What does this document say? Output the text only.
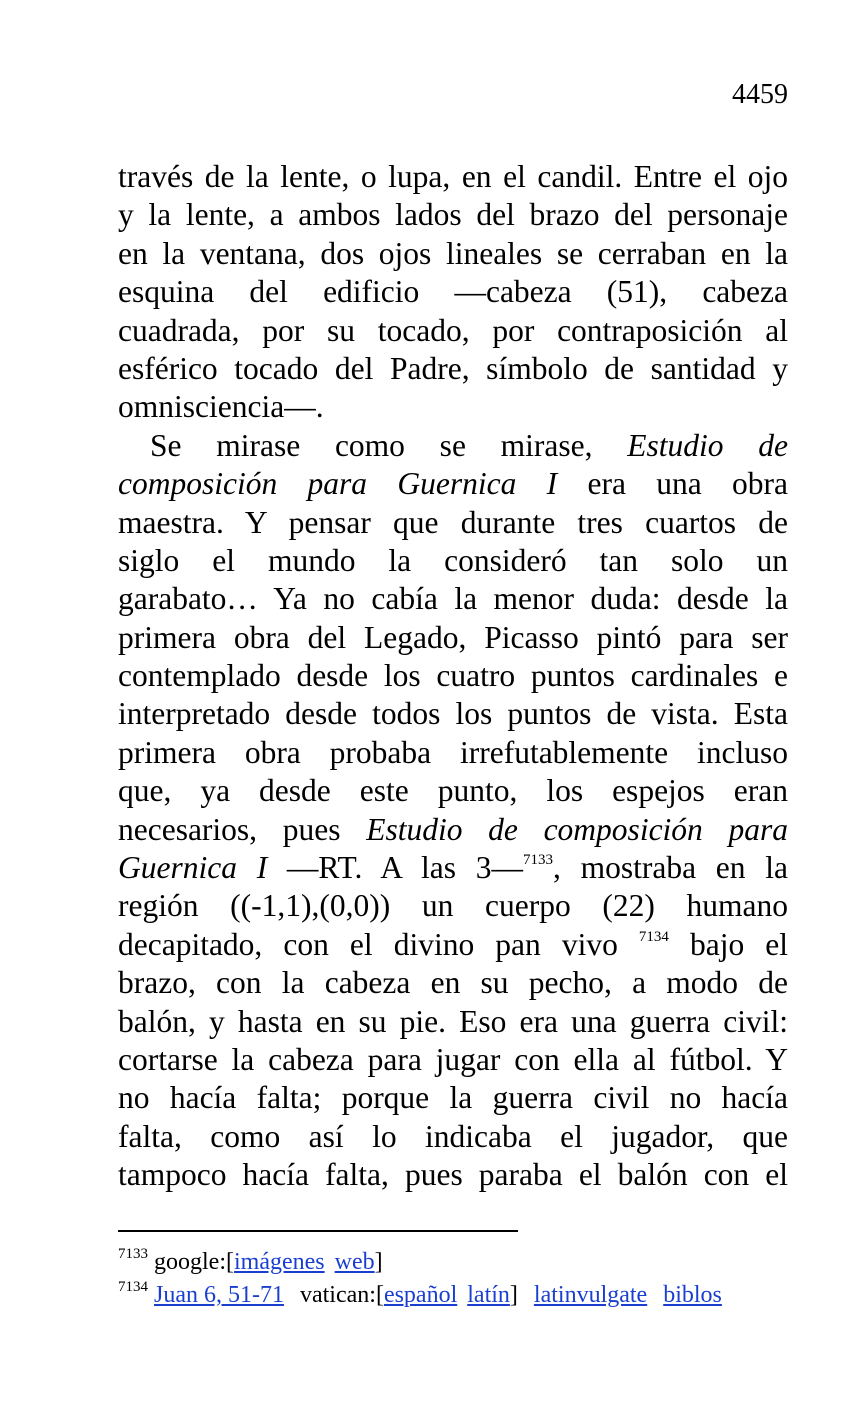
4459
través de la lente, o lupa, en el candil. Entre el ojo
y la lente, a ambos lados del brazo del personaje
en la ventana, dos ojos lineales se cerraban en la
esquina del edificio —cabeza (51), cabeza
cuadrada, por su tocado, por contraposición al
esférico tocado del Padre, símbolo de santidad y
omnisciencia—.
Se mirase como se mirase, Estudio de
composición para Guernica I era una obra
maestra. Y pensar que durante tres cuartos de
siglo el mundo la consideró tan solo un
garabato… Ya no cabía la menor duda: desde la
primera obra del Legado, Picasso pintó para ser
contemplado desde los cuatro puntos cardinales e
interpretado desde todos los puntos de vista. Esta
primera obra probaba irrefutablemente incluso
que, ya desde este punto, los espejos eran
necesarios, pues Estudio de composición para
Guernica I —RT. A las 3—$^{7133}$, mostraba en la
región ((-1,1),(0,0)) un cuerpo (22) humano
decapitado, con el divino pan vivo $^{7134}$ bajo el
brazo, con la cabeza en su pecho, a modo de
balón, y hasta en su pie. Eso era una guerra civil:
cortarse la cabeza para jugar con ella al fútbol. Y
no hacía falta; porque la guerra civil no hacía
falta, como así lo indicaba el jugador, que
tampoco hacía falta, pues paraba el balón con el
$^{7133}$ google:[imágenes web]
$^{7134}$ Juan 6, 51-71 vatican:[español latín] latinvulgate biblos
